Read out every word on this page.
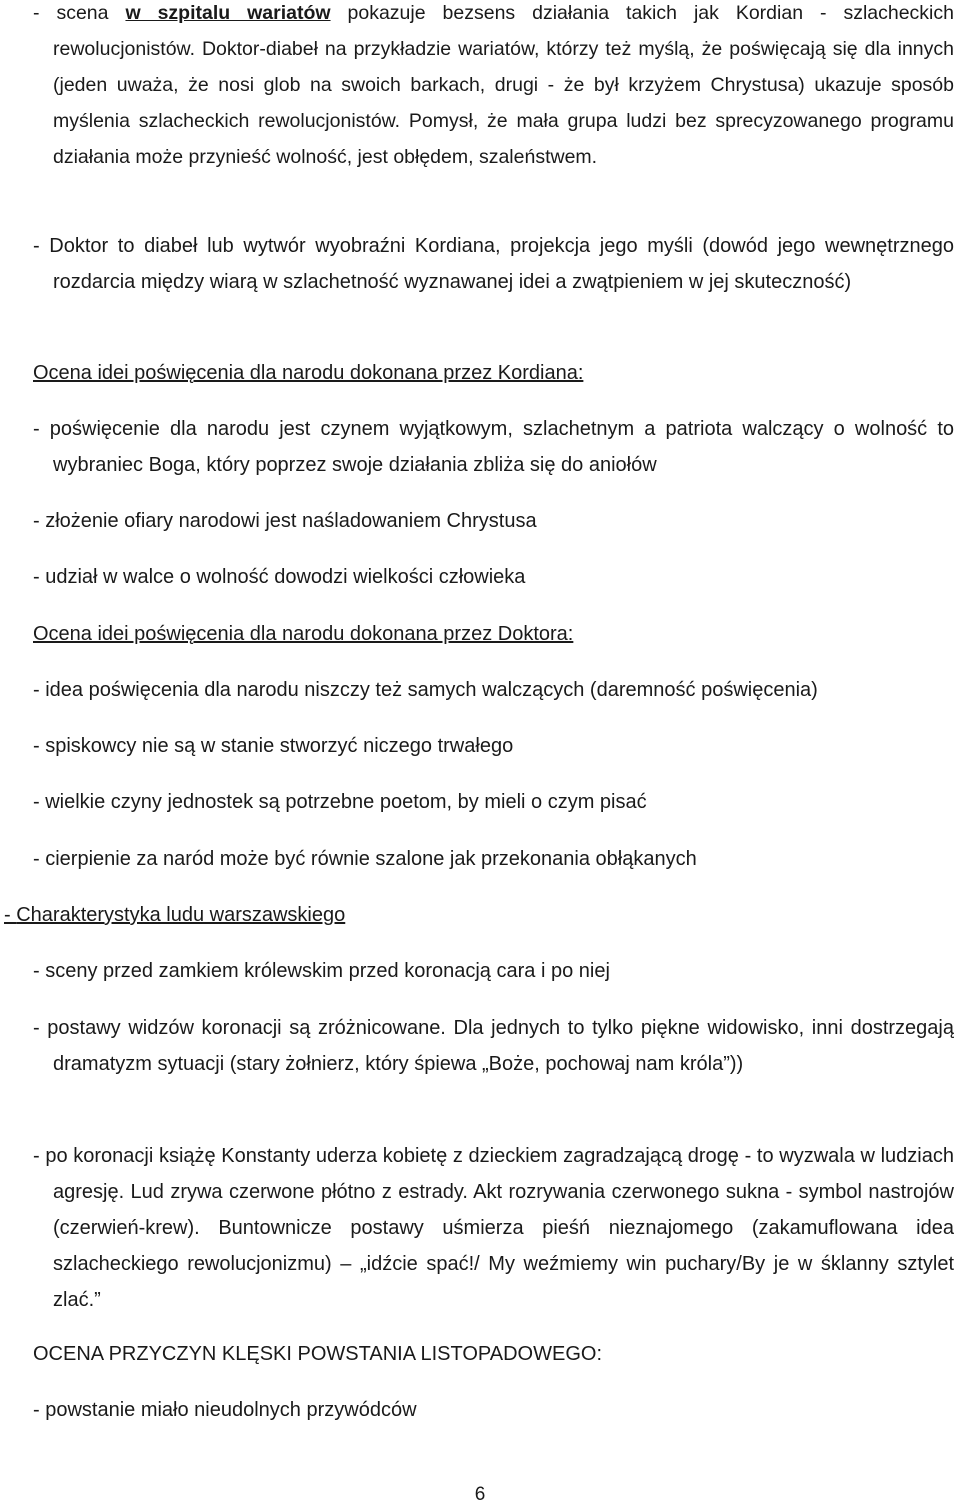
- scena w szpitalu wariatów pokazuje bezsens działania takich jak Kordian - szlacheckich rewolucjonistów. Doktor-diabeł na przykładzie wariatów, którzy też myślą, że poświęcają się dla innych (jeden uważa, że nosi glob na swoich barkach, drugi - że był krzyżem Chrystusa) ukazuje sposób myślenia szlacheckich rewolucjonistów. Pomysł, że mała grupa ludzi bez sprecyzowanego programu działania może przynieść wolność, jest obłędem, szaleństwem.

- Doktor to diabeł lub wytwór wyobraźni Kordiana, projekcja jego myśli (dowód jego wewnętrznego rozdarcia między wiarą w szlachetność wyznawanej idei a zwątpieniem w jej skuteczność)

Ocena idei poświęcenia dla narodu dokonana przez Kordiana:

- poświęcenie dla narodu jest czynem wyjątkowym, szlachetnym a patriota walczący o wolność to wybraniec Boga, który poprzez swoje działania zbliża się do aniołów

- złożenie ofiary narodowi jest naśladowaniem Chrystusa

- udział w walce o wolność dowodzi wielkości człowieka

Ocena idei poświęcenia dla narodu dokonana przez Doktora:

- idea poświęcenia dla narodu niszczy też samych walczących (daremność poświęcenia)

- spiskowcy nie są w stanie stworzyć niczego trwałego

- wielkie czyny jednostek są potrzebne poetom, by mieli o czym pisać

- cierpienie za naród może być równie szalone jak przekonania obłąkanych

- Charakterystyka ludu warszawskiego

- sceny przed zamkiem królewskim przed koronacją cara i po niej

- postawy widzów koronacji są zróżnicowane. Dla jednych to tylko piękne widowisko, inni dostrzegają dramatyzm sytuacji (stary żołnierz, który śpiewa „Boże, pochowaj nam króla”))

- po koronacji książę Konstanty uderza kobietę z dzieckiem zagradzającą drogę - to wyzwala w ludziach agresję. Lud zrywa czerwone płótno z estrady. Akt rozrywania czerwonego sukna - symbol nastrojów (czerwień-krew). Buntownicze postawy uśmierza pieśń nieznajomego (zakamuflowana idea szlacheckiego rewolucjonizmu) – „idźcie spać!/ My weźmiemy win puchary/By je w śklanny sztylet zlać.”

OCENA PRZYCZYN KLĘSKI POWSTANIA LISTOPADOWEGO:

- powstanie miało nieudolnych przywódców

6
